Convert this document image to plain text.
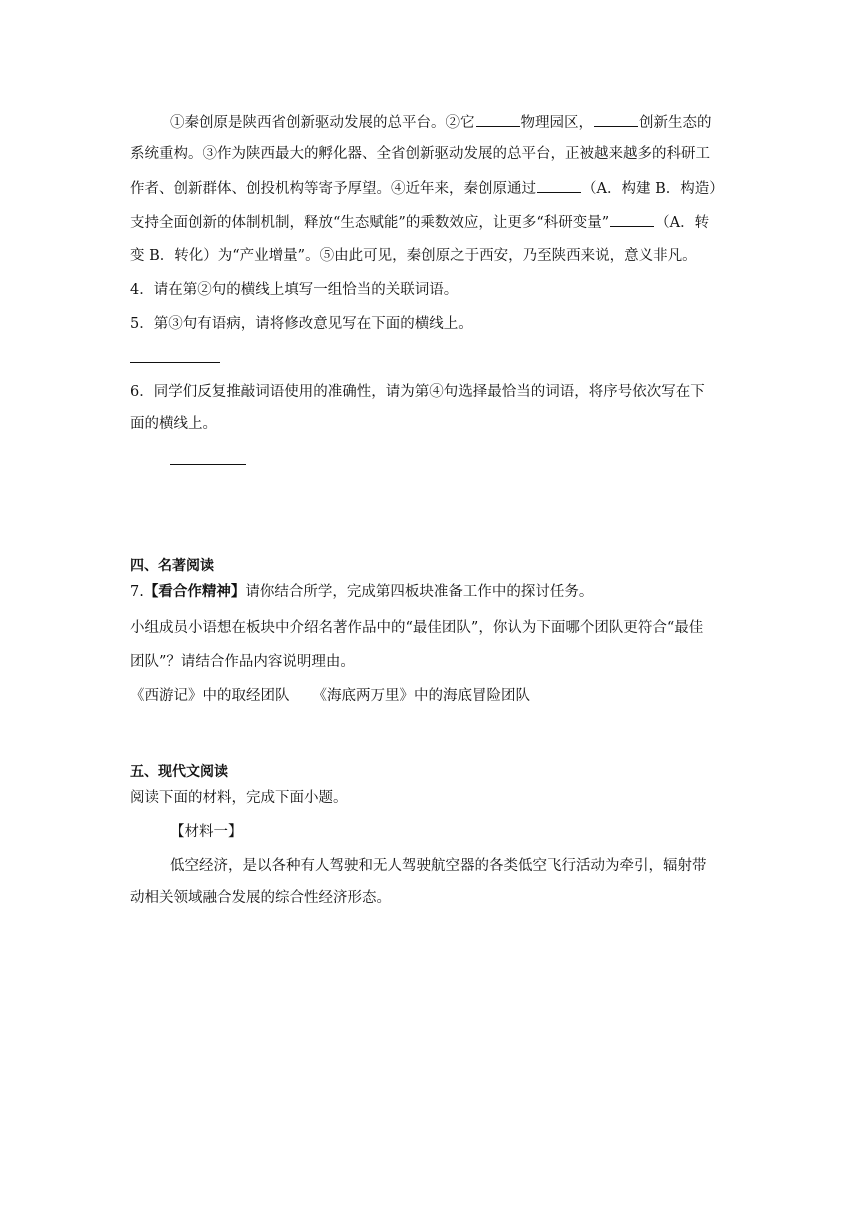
①秦创原是陕西省创新驱动发展的总平台。②它	物理园区，	创新生态的
系统重构。③作为陕西最大的孵化器、全省创新驱动发展的总平台，正被越来越多的科研工
作者、创新群体、创投机构等寄予厚望。④近年来，秦创原通过	（A．构建 B．构造）
支持全面创新的体制机制，释放“生态赋能”的乘数效应，让更多“科研变量”	（A．转
变 B．转化）为“产业增量”。⑤由此可见，秦创原之于西安，乃至陕西来说，意义非凡。
4．请在第②句的横线上填写一组恰当的关联词语。
5．第③句有语病，请将修改意见写在下面的横线上。
6．同学们反复推敲词语使用的准确性，请为第④句选择最恰当的词语，将序号依次写在下
面的横线上。
四、名著阅读
7.【看合作精神】请你结合所学，完成第四板块准备工作中的探讨任务。
小组成员小语想在板块中介绍名著作品中的“最佳团队”，你认为下面哪个团队更符合“最佳
团队”？请结合作品内容说明理由。
《西游记》中的取经团队     《海底两万里》中的海底冒险团队
五、现代文阅读
阅读下面的材料，完成下面小题。
【材料一】
低空经济，是以各种有人驾驶和无人驾驶航空器的各类低空飞行活动为牵引，辐射带
动相关领域融合发展的综合性经济形态。
